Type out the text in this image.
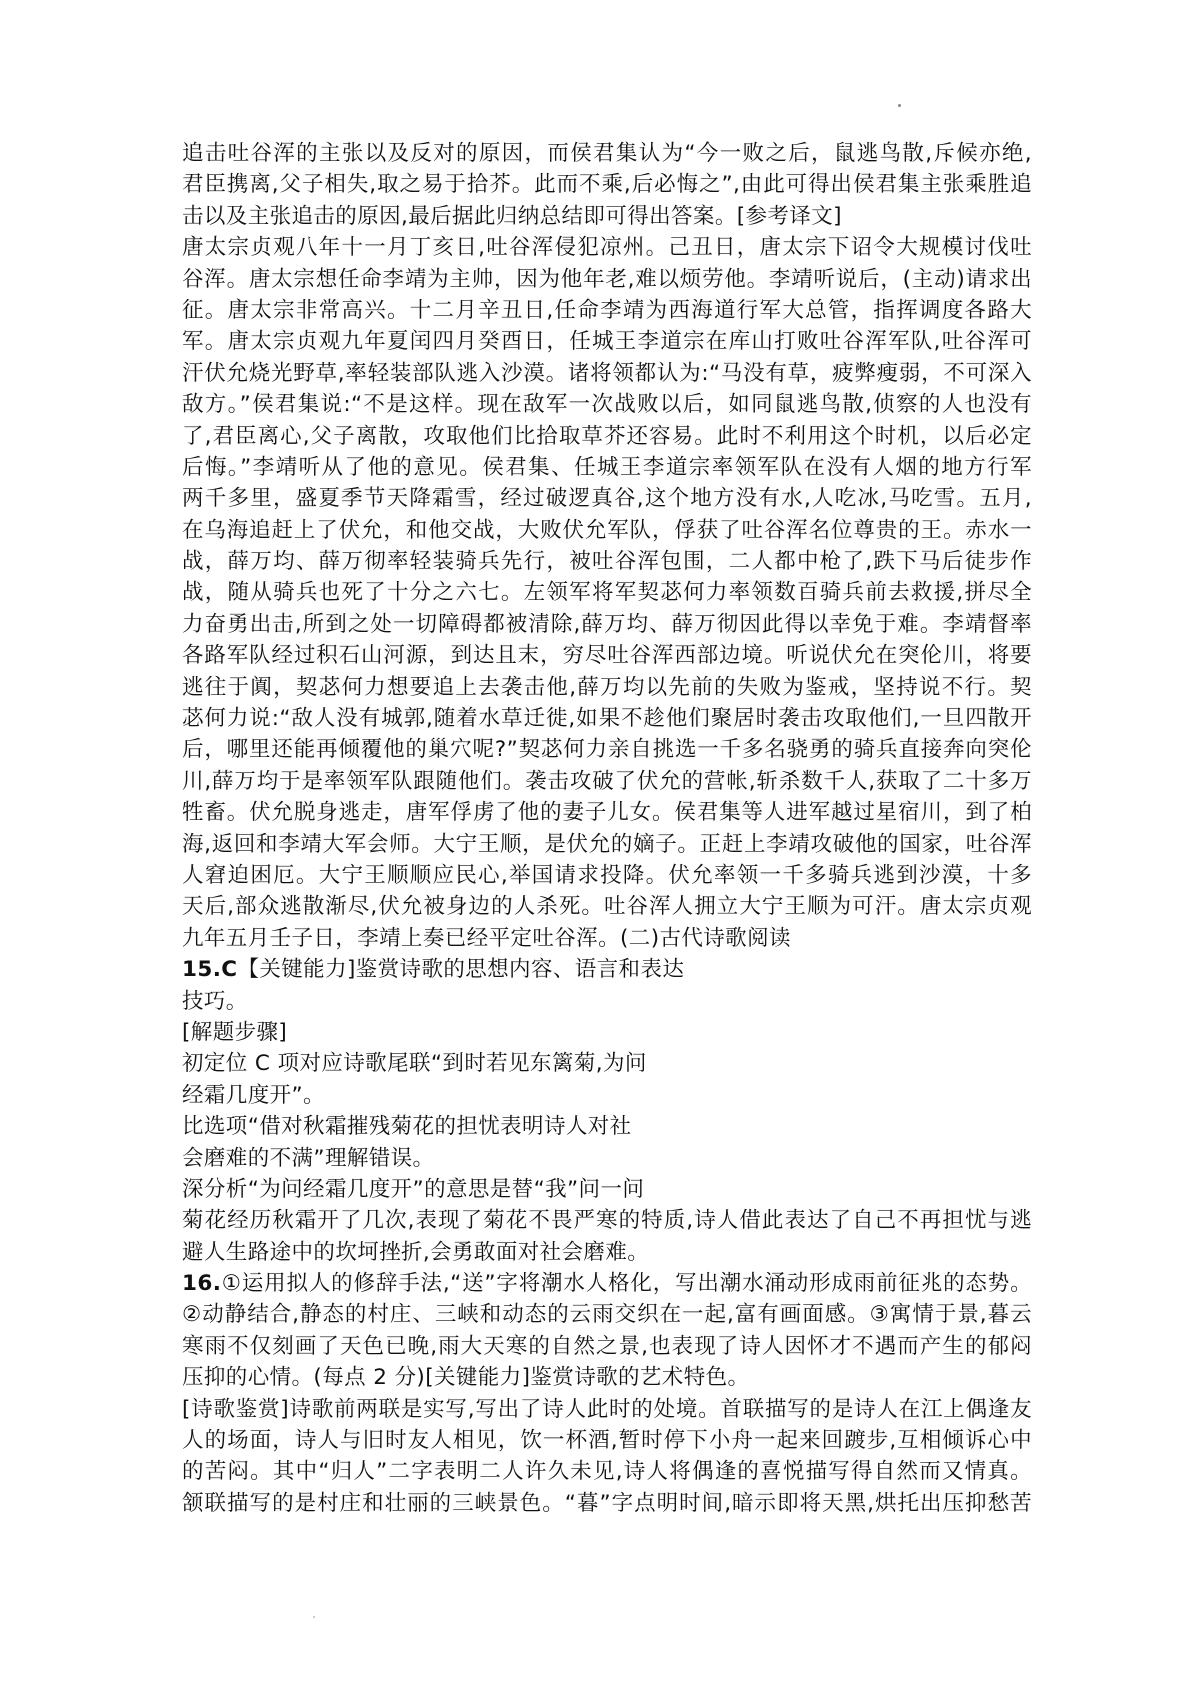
追击吐谷浑的主张以及反对的原因，而侯君集认为“今一败之后，鼠逃鸟散,斥候亦绝,
君臣携离,父子相失,取之易于拾芥。此而不乘,后必悔之”,由此可得出侯君集主张乘胜追
击以及主张追击的原因,最后据此归纳总结即可得出答案。[参考译文]
唐太宗贞观八年十一月丁亥日,吐谷浑侵犯凉州。己丑日，唐太宗下诏令大规模讨伐吐
谷浑。唐太宗想任命李靖为主帅，因为他年老,难以烦劳他。李靖听说后，(主动)请求出
征。唐太宗非常高兴。十二月辛丑日,任命李靖为西海道行军大总管，指挥调度各路大
军。唐太宗贞观九年夏闰四月癸酉日，任城王李道宗在库山打败吐谷浑军队,吐谷浑可
汗伏允烧光野草,率轻装部队逃入沙漠。诸将领都认为:“马没有草，疲弊瘦弱，不可深入
敌方。”侯君集说:“不是这样。现在敌军一次战败以后，如同鼠逃鸟散,侦察的人也没有
了,君臣离心,父子离散，攻取他们比拾取草芥还容易。此时不利用这个时机，以后必定
后悔。”李靖听从了他的意见。侯君集、任城王李道宗率领军队在没有人烟的地方行军
两千多里，盛夏季节天降霜雪，经过破逻真谷,这个地方没有水,人吃冰,马吃雪。五月,
在乌海追赶上了伏允，和他交战，大败伏允军队，俘获了吐谷浑名位尊贵的王。赤水一
战，薛万均、薛万彻率轻装骑兵先行，被吐谷浑包围，二人都中枪了,跌下马后徒步作
战，随从骑兵也死了十分之六七。左领军将军契苾何力率领数百骑兵前去救援,拼尽全
力奋勇出击,所到之处一切障碍都被清除,薛万均、薛万彻因此得以幸免于难。李靖督率
各路军队经过积石山河源，到达且末，穷尽吐谷浑西部边境。听说伏允在突伦川，将要
逃往于阗，契苾何力想要追上去袭击他,薛万均以先前的失败为鉴戒，坚持说不行。契
苾何力说:“敌人没有城郭,随着水草迁徙,如果不趁他们聚居时袭击攻取他们,一旦四散开
后，哪里还能再倾覆他的巢穴呢?”契苾何力亲自挑选一千多名骁勇的骑兵直接奔向突伦
川,薛万均于是率领军队跟随他们。袭击攻破了伏允的营帐,斩杀数千人,获取了二十多万
牲畜。伏允脱身逃走，唐军俘虏了他的妻子儿女。侯君集等人进军越过星宿川，到了柏
海,返回和李靖大军会师。大宁王顺，是伏允的嫡子。正赶上李靖攻破他的国家，吐谷浑
人窘迫困厄。大宁王顺顺应民心,举国请求投降。伏允率领一千多骑兵逃到沙漠，十多
天后,部众逃散渐尽,伏允被身边的人杀死。吐谷浑人拥立大宁王顺为可汗。唐太宗贞观
九年五月壬子日，李靖上奏已经平定吐谷浑。(二)古代诗歌阅读
15.C【关键能力]鉴赏诗歌的思想内容、语言和表达
技巧。
[解题步骤]
初定位 C 项对应诗歌尾联“到时若见东篱菊,为问
经霜几度开”。
比选项“借对秋霜摧残菊花的担忧表明诗人对社
会磨难的不满”理解错误。
深分析“为问经霜几度开”的意思是替“我”问一问
菊花经历秋霜开了几次,表现了菊花不畏严寒的特质,诗人借此表达了自己不再担忧与逃
避人生路途中的坎坷挫折,会勇敢面对社会磨难。
16.①运用拟人的修辞手法,“送”字将潮水人格化，写出潮水涌动形成雨前征兆的态势。
②动静结合,静态的村庄、三峡和动态的云雨交织在一起,富有画面感。③寓情于景,暮云
寒雨不仅刻画了天色已晚,雨大天寒的自然之景,也表现了诗人因怀才不遇而产生的郁闷
压抑的心情。(每点 2 分)[关键能力]鉴赏诗歌的艺术特色。
[诗歌鉴赏]诗歌前两联是实写,写出了诗人此时的处境。首联描写的是诗人在江上偶逢友
人的场面，诗人与旧时友人相见，饮一杯酒,暂时停下小舟一起来回踱步,互相倾诉心中
的苦闷。其中“归人”二字表明二人许久未见,诗人将偶逢的喜悦描写得自然而又情真。
颔联描写的是村庄和壮丽的三峡景色。“暮”字点明时间,暗示即将天黑,烘托出压抑愁苦
